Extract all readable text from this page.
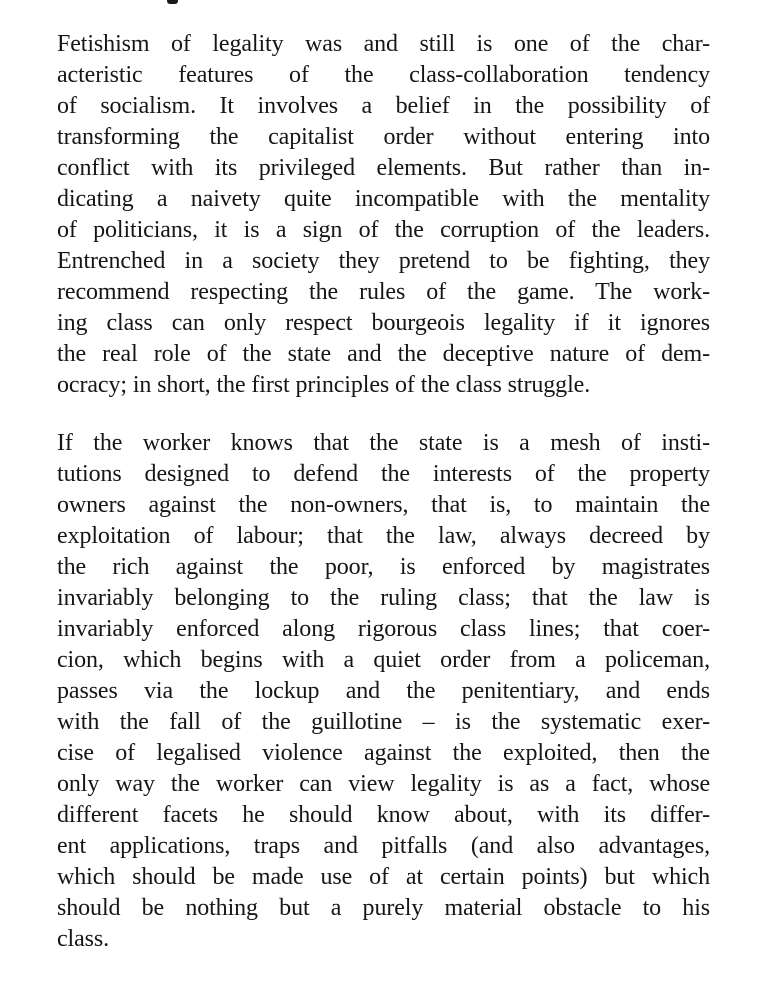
Fetishism of legality was and still is one of the char-
acteristic features of the class-collaboration tendency
of socialism. It involves a belief in the possibility of
transforming the capitalist order without entering into
conflict with its privileged elements. But rather than in-
dicating a naivety quite incompatible with the mentality
of politicians, it is a sign of the corruption of the leaders.
Entrenched in a society they pretend to be fighting, they
recommend respecting the rules of the game. The work-
ing class can only respect bourgeois legality if it ignores
the real role of the state and the deceptive nature of dem-
ocracy; in short, the first principles of the class struggle.

If the worker knows that the state is a mesh of insti-
tutions designed to defend the interests of the property
owners against the non-owners, that is, to maintain the
exploitation of labour; that the law, always decreed by
the rich against the poor, is enforced by magistrates
invariably belonging to the ruling class; that the law is
invariably enforced along rigorous class lines; that coer-
cion, which begins with a quiet order from a policeman,
passes via the lockup and the penitentiary, and ends
with the fall of the guillotine – is the systematic exer-
cise of legalised violence against the exploited, then the
only way the worker can view legality is as a fact, whose
different facets he should know about, with its differ-
ent applications, traps and pitfalls (and also advantages,
which should be made use of at certain points) but which
should be nothing but a purely material obstacle to his
class.
